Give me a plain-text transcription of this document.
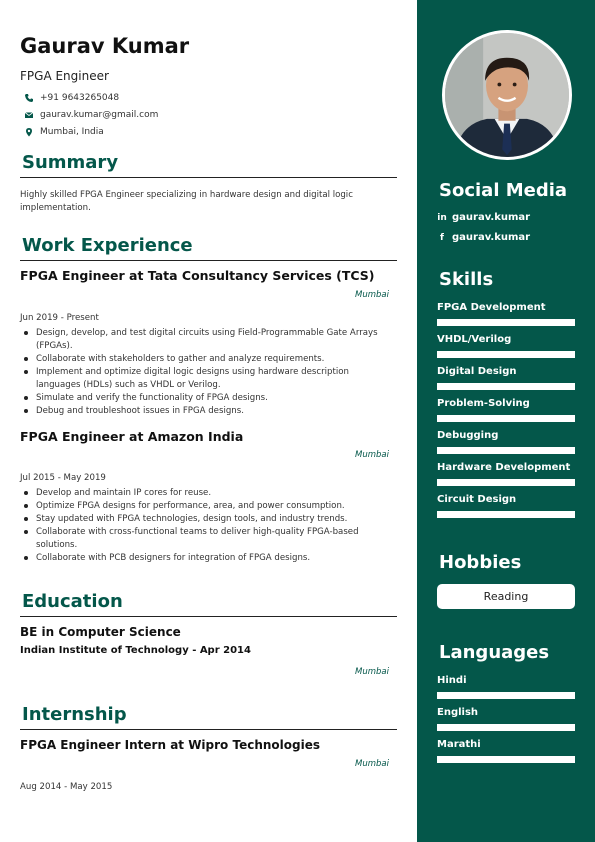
Gaurav Kumar
FPGA Engineer
+91 9643265048
gaurav.kumar@gmail.com
Mumbai, India
Summary
Highly skilled FPGA Engineer specializing in hardware design and digital logic implementation.
Work Experience
FPGA Engineer at Tata Consultancy Services (TCS)
Mumbai
Jun 2019 - Present
Design, develop, and test digital circuits using Field-Programmable Gate Arrays (FPGAs).
Collaborate with stakeholders to gather and analyze requirements.
Implement and optimize digital logic designs using hardware description languages (HDLs) such as VHDL or Verilog.
Simulate and verify the functionality of FPGA designs.
Debug and troubleshoot issues in FPGA designs.
FPGA Engineer at Amazon India
Mumbai
Jul 2015 - May 2019
Develop and maintain IP cores for reuse.
Optimize FPGA designs for performance, area, and power consumption.
Stay updated with FPGA technologies, design tools, and industry trends.
Collaborate with cross-functional teams to deliver high-quality FPGA-based solutions.
Collaborate with PCB designers for integration of FPGA designs.
Education
BE in Computer Science
Indian Institute of Technology - Apr 2014
Mumbai
Internship
FPGA Engineer Intern at Wipro Technologies
Mumbai
Aug 2014 - May 2015
Social Media
in gaurav.kumar
f gaurav.kumar
Skills
FPGA Development
VHDL/Verilog
Digital Design
Problem-Solving
Debugging
Hardware Development
Circuit Design
Hobbies
Reading
Languages
Hindi
English
Marathi
